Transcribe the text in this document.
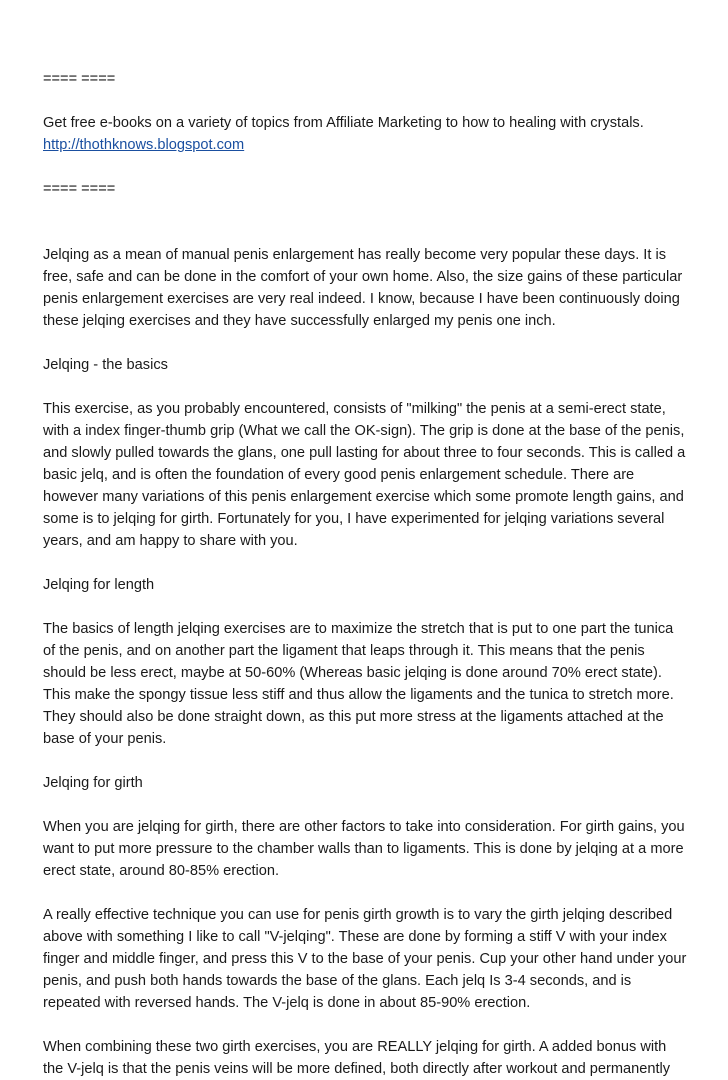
==== ====

Get free e-books on a variety of topics from Affiliate Marketing to how to healing with crystals.

http://thothknows.blogspot.com

==== ====

Jelqing as a mean of manual penis enlargement has really become very popular these days. It is free, safe and can be done in the comfort of your own home. Also, the size gains of these particular penis enlargement exercises are very real indeed. I know, because I have been continuously doing these jelqing exercises and they have successfully enlarged my penis one inch.

Jelqing - the basics

This exercise, as you probably encountered, consists of "milking" the penis at a semi-erect state, with a index finger-thumb grip (What we call the OK-sign). The grip is done at the base of the penis, and slowly pulled towards the glans, one pull lasting for about three to four seconds. This is called a basic jelq, and is often the foundation of every good penis enlargement schedule. There are however many variations of this penis enlargement exercise which some promote length gains, and some is to jelqing for girth. Fortunately for you, I have experimented for jelqing variations several years, and am happy to share with you.

Jelqing for length

The basics of length jelqing exercises are to maximize the stretch that is put to one part the tunica of the penis, and on another part the ligament that leaps through it. This means that the penis should be less erect, maybe at 50-60% (Whereas basic jelqing is done around 70% erect state). This make the spongy tissue less stiff and thus allow the ligaments and the tunica to stretch more. They should also be done straight down, as this put more stress at the ligaments attached at the base of your penis.

Jelqing for girth

When you are jelqing for girth, there are other factors to take into consideration. For girth gains, you want to put more pressure to the chamber walls than to ligaments. This is done by jelqing at a more erect state, around 80-85% erection.

A really effective technique you can use for penis girth growth is to vary the girth jelqing described above with something I like to call "V-jelqing". These are done by forming a stiff V with your index finger and middle finger, and press this V to the base of your penis. Cup your other hand under your penis, and push both hands towards the base of the glans. Each jelq Is 3-4 seconds, and is repeated with reversed hands. The V-jelq is done in about 85-90% erection.

When combining these two girth exercises, you are REALLY jelqing for girth. A added bonus with the V-jelq is that the penis veins will be more defined, both directly after workout and permanently
